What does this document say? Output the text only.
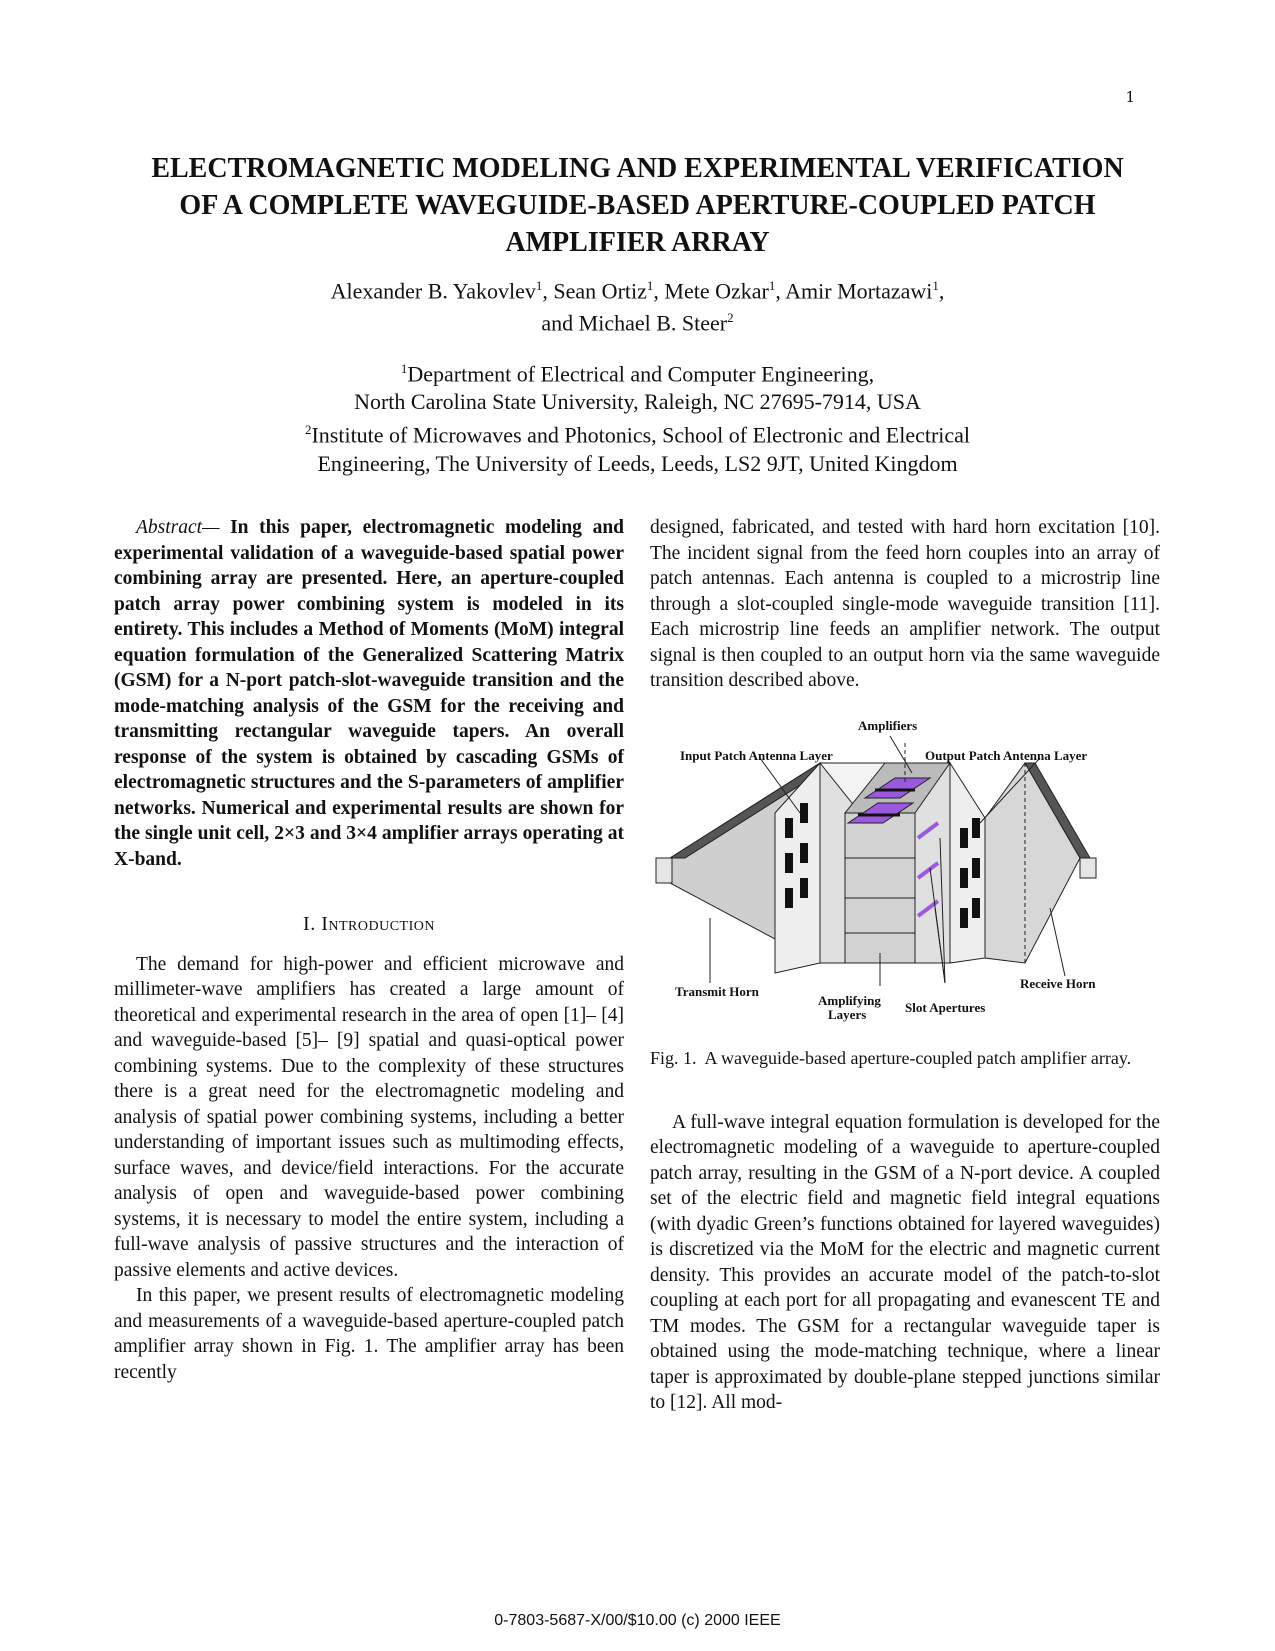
1
ELECTROMAGNETIC MODELING AND EXPERIMENTAL VERIFICATION OF A COMPLETE WAVEGUIDE-BASED APERTURE-COUPLED PATCH AMPLIFIER ARRAY
Alexander B. Yakovlev$^1$, Sean Ortiz$^1$, Mete Ozkar$^1$, Amir Mortazawi$^1$,
and Michael B. Steer$^2$
$^1$Department of Electrical and Computer Engineering,
North Carolina State University, Raleigh, NC 27695-7914, USA
$^2$Institute of Microwaves and Photonics, School of Electronic and Electrical
Engineering, The University of Leeds, Leeds, LS2 9JT, United Kingdom

Abstract— In this paper, electromagnetic modeling and experimental validation of a waveguide-based spatial power combining array are presented. Here, an aperture-coupled patch array power combining system is modeled in its entirety. This includes a Method of Moments (MoM) integral equation formulation of the Generalized Scattering Matrix (GSM) for a N-port patch-slot-waveguide transition and the mode-matching analysis of the GSM for the receiving and transmitting rectangular waveguide tapers. An overall response of the system is obtained by cascading GSMs of electromagnetic structures and the S-parameters of amplifier networks. Numerical and experimental results are shown for the single unit cell, 2×3 and 3×4 amplifier arrays operating at X-band.

I. Introduction

The demand for high-power and efficient microwave and millimeter-wave amplifiers has created a large amount of theoretical and experimental research in the area of open [1]– [4] and waveguide-based [5]– [9] spatial and quasi-optical power combining systems. Due to the complexity of these structures there is a great need for the electromagnetic modeling and analysis of spatial power combining systems, including a better understanding of important issues such as multimoding effects, surface waves, and device/field interactions. For the accurate analysis of open and waveguide-based power combining systems, it is necessary to model the entire system, including a full-wave analysis of passive structures and the interaction of passive elements and active devices.

In this paper, we present results of electromagnetic modeling and measurements of a waveguide-based aperture-coupled patch amplifier array shown in Fig. 1. The amplifier array has been recently

designed, fabricated, and tested with hard horn excitation [10]. The incident signal from the feed horn couples into an array of patch antennas. Each antenna is coupled to a microstrip line through a slot-coupled single-mode waveguide transition [11]. Each microstrip line feeds an amplifier network. The output signal is then coupled to an output horn via the same waveguide transition described above.

Amplifiers
Input Patch Antenna Layer	Output Patch Antenna Layer
Transmit Horn
Amplifying
Layers	Slot Apertures
Receive Horn
Fig. 1. A waveguide-based aperture-coupled patch amplifier array.

A full-wave integral equation formulation is developed for the electromagnetic modeling of a waveguide to aperture-coupled patch array, resulting in the GSM of a N-port device. A coupled set of the electric field and magnetic field integral equations (with dyadic Green’s functions obtained for layered waveguides) is discretized via the MoM for the electric and magnetic current density. This provides an accurate model of the patch-to-slot coupling at each port for all propagating and evanescent TE and TM modes. The GSM for a rectangular waveguide taper is obtained using the mode-matching technique, where a linear taper is approximated by double-plane stepped junctions similar to [12]. All mod-

0-7803-5687-X/00/$10.00 (c) 2000 IEEE
